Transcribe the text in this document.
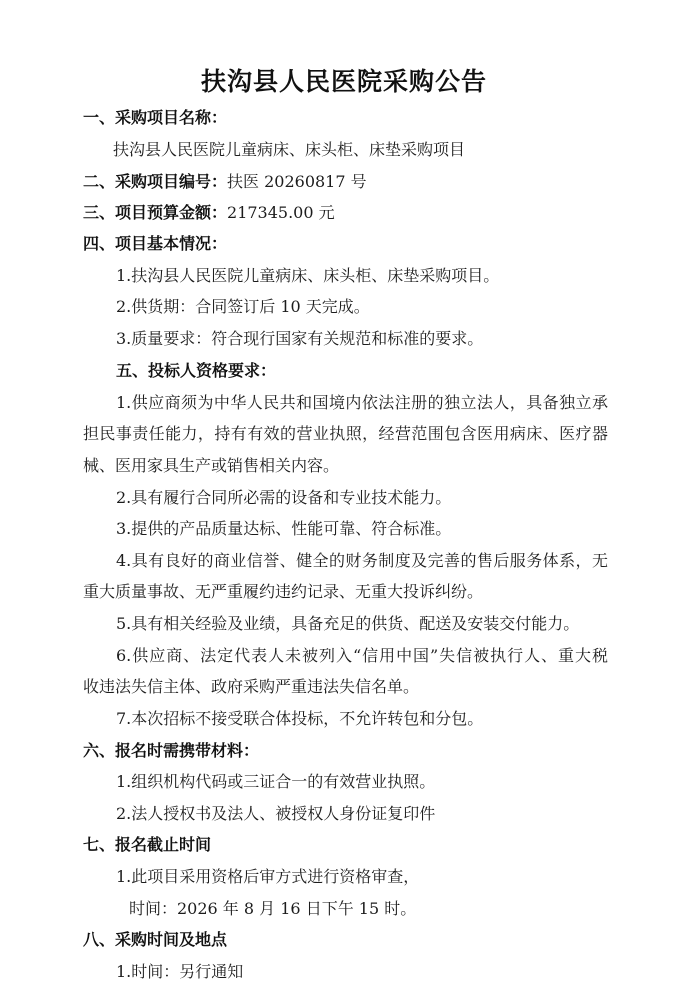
扶沟县人民医院采购公告
一、采购项目名称：
扶沟县人民医院儿童病床、床头柜、床垫采购项目
二、采购项目编号：扶医 20260817 号
三、项目预算金额：217345.00 元
四、项目基本情况：
1.扶沟县人民医院儿童病床、床头柜、床垫采购项目。
2.供货期：合同签订后 10 天完成。
3.质量要求：符合现行国家有关规范和标准的要求。
五、投标人资格要求：
1.供应商须为中华人民共和国境内依法注册的独立法人，具备独立承
担民事责任能力，持有有效的营业执照，经营范围包含医用病床、医疗器
械、医用家具生产或销售相关内容。
2.具有履行合同所必需的设备和专业技术能力。
3.提供的产品质量达标、性能可靠、符合标准。
4.具有良好的商业信誉、健全的财务制度及完善的售后服务体系，无
重大质量事故、无严重履约违约记录、无重大投诉纠纷。
5.具有相关经验及业绩，具备充足的供货、配送及安装交付能力。
6.供应商、法定代表人未被列入“信用中国”失信被执行人、重大税
收违法失信主体、政府采购严重违法失信名单。
7.本次招标不接受联合体投标，不允许转包和分包。
六、报名时需携带材料：
1.组织机构代码或三证合一的有效营业执照。
2.法人授权书及法人、被授权人身份证复印件
七、报名截止时间
1.此项目采用资格后审方式进行资格审查，
时间：2026 年 8 月 16 日下午 15 时。
八、采购时间及地点
1.时间：另行通知
